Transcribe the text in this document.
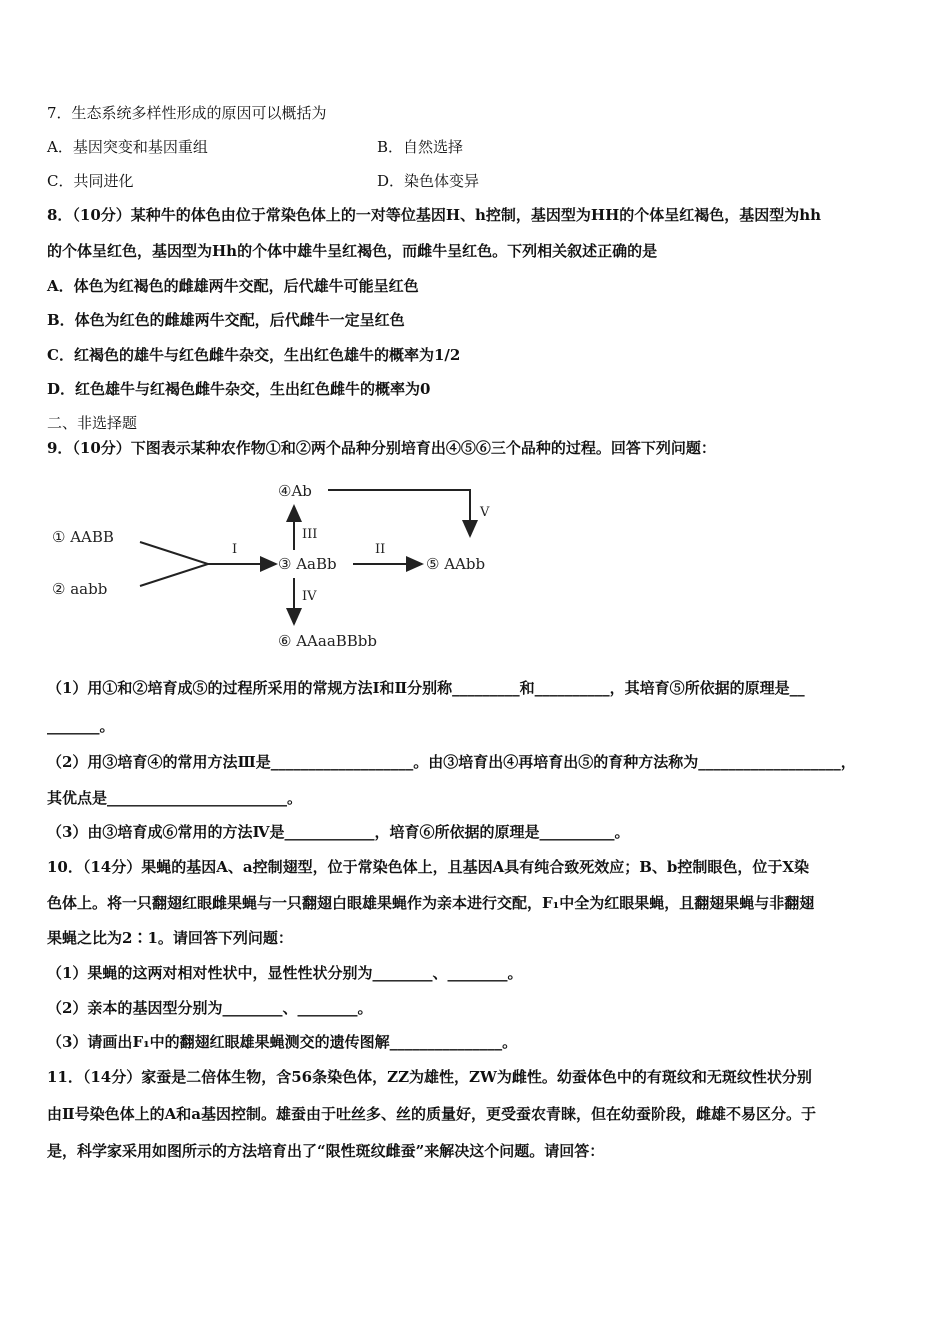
7．生态系统多样性形成的原因可以概括为
A．基因突变和基因重组	B．自然选择
C．共同进化	D．染色体变异
8．（10分）某种牛的体色由位于常染色体上的一对等位基因H、h控制，基因型为HH的个体呈红褐色，基因型为hh
的个体呈红色，基因型为Hh的个体中雄牛呈红褐色，而雌牛呈红色。下列相关叙述正确的是
A．体色为红褐色的雌雄两牛交配，后代雄牛可能呈红色
B．体色为红色的雌雄两牛交配，后代雌牛一定呈红色
C．红褐色的雄牛与红色雌牛杂交，生出红色雄牛的概率为1/2
D．红色雄牛与红褐色雌牛杂交，生出红色雌牛的概率为0
二、非选择题
9．（10分）下图表示某种农作物①和②两个品种分别培育出④⑤⑥三个品种的过程。回答下列问题：
① AABB
② aabb
I
③ AaBb
II
⑤ AAbb
III
④Ab
V
IV
⑥ AAaaBBbb
（1）用①和②培育成⑤的过程所采用的常规方法Ⅰ和Ⅱ分别称_________和__________，其培育⑤所依据的原理是__
_______。
（2）用③培育④的常用方法Ⅲ是___________________。由③培育出④再培育出⑤的育种方法称为___________________，
其优点是________________________。
（3）由③培育成⑥常用的方法Ⅳ是____________，培育⑥所依据的原理是__________。
10．（14分）果蝇的基因A、a控制翅型，位于常染色体上，且基因A具有纯合致死效应；B、b控制眼色，位于X染
色体上。将一只翻翅红眼雌果蝇与一只翻翅白眼雄果蝇作为亲本进行交配，F₁中全为红眼果蝇，且翻翅果蝇与非翻翅
果蝇之比为2∶1。请回答下列问题：
（1）果蝇的这两对相对性状中，显性性状分别为________、________。
（2）亲本的基因型分别为________、________。
（3）请画出F₁中的翻翅红眼雄果蝇测交的遗传图解_______________。
11．（14分）家蚕是二倍体生物，含56条染色体，ZZ为雄性，ZW为雌性。幼蚕体色中的有斑纹和无斑纹性状分别
由Ⅱ号染色体上的A和a基因控制。雄蚕由于吐丝多、丝的质量好，更受蚕农青睐，但在幼蚕阶段，雌雄不易区分。于
是，科学家采用如图所示的方法培育出了“限性斑纹雌蚕”来解决这个问题。请回答：
